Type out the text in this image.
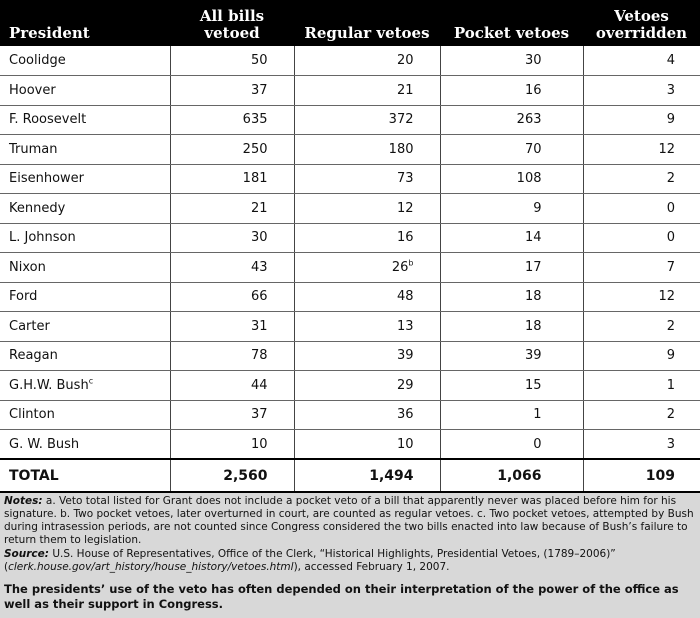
President	All bills vetoed	Regular vetoes	Pocket vetoes	Vetoes overridden
Coolidge	50	20	30	4
Hoover	37	21	16	3
F. Roosevelt	635	372	263	9
Truman	250	180	70	12
Eisenhower	181	73	108	2
Kennedy	21	12	9	0
L. Johnson	30	16	14	0
Nixon	43	26$^b$	17	7
Ford	66	48	18	12
Carter	31	13	18	2
Reagan	78	39	39	9
G.H.W. Bush$^c$	44	29	15	1
Clinton	37	36	1	2
G. W. Bush	10	10	0	3
TOTAL	2,560	1,494	1,066	109

Notes: a. Veto total listed for Grant does not include a pocket veto of a bill that apparently never was placed before him for his signature. b. Two pocket vetoes, later overturned in court, are counted as regular vetoes. c. Two pocket vetoes, attempted by Bush during intrasession periods, are not counted since Congress considered the two bills enacted into law because of Bush’s failure to return them to legislation.

Source: U.S. House of Representatives, Office of the Clerk, “Historical Highlights, Presidential Vetoes, (1789–2006)” (clerk.house.gov/art_history/house_history/vetoes.html), accessed February 1, 2007.

The presidents’ use of the veto has often depended on their interpretation of the power of the office as well as their support in Congress.
